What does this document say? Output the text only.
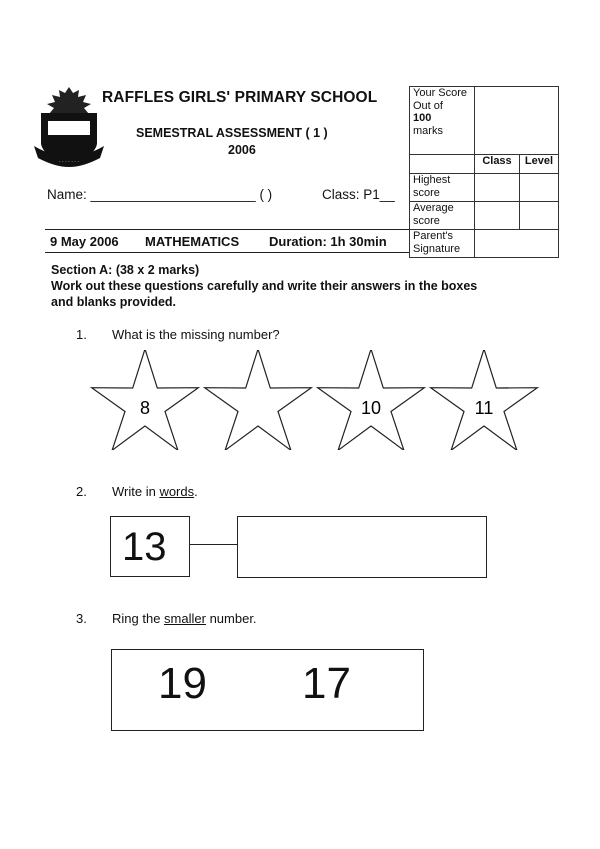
· · · · · · ·
RAFFLES GIRLS' PRIMARY SCHOOL
SEMESTRAL ASSESSMENT ( 1 )
2006
Name: ______________________ ( )	Class: P1__
9 May 2006 MATHEMATICS Duration: 1h 30min
Your Score Out of
100
marks		
	Class	Level
Highest score		
Average score		
Parent's Signature		
Section A: (38 x 2 marks)
Work out these questions carefully and write their answers in the boxes and blanks provided.
1. What is the missing number?
8	10	11
2. Write in words.
13
3. Ring the smaller number.
19 17
